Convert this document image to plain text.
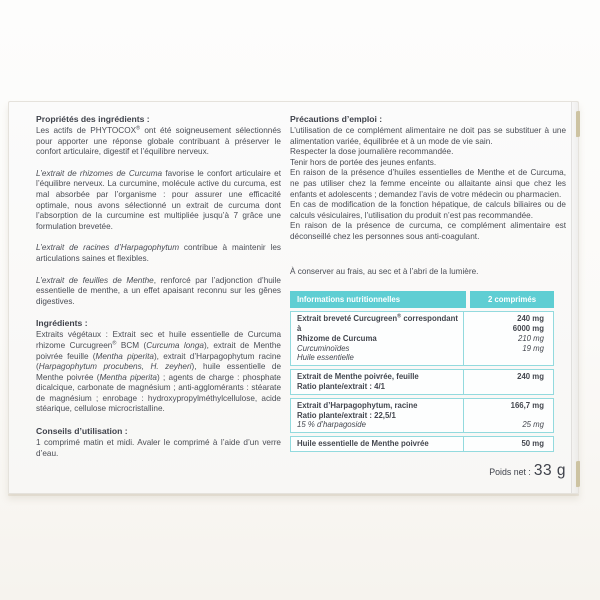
Propriétés des ingrédients :

Les actifs de PHYTOCOX® ont été soigneusement sélectionnés pour apporter une réponse globale contribuant à préserver le confort articulaire, digestif et l’équilibre nerveux.

L’extrait de rhizomes de Curcuma favorise le confort articulaire et l’équilibre nerveux. La curcumine, molécule active du curcuma, est mal absorbée par l’organisme : pour assurer une efficacité optimale, nous avons sélectionné un extrait de curcuma dont l’absorption de la curcumine est multipliée jusqu’à 7 grâce une formulation brevetée.

L’extrait de racines d’Harpagophytum contribue à maintenir les articulations saines et flexibles.

L’extrait de feuilles de Menthe, renforcé par l’adjonction d’huile essentielle de menthe, a un effet apaisant reconnu sur les gênes digestives.

Ingrédients :

Extraits végétaux : Extrait sec et huile essentielle de Curcuma rhizome Curcugreen® BCM (Curcuma longa), extrait de Menthe poivrée feuille (Mentha piperita), extrait d’Harpagophytum racine (Harpagophytum procubens, H. zeyheri), huile essentielle de Menthe poivrée (Mentha piperita) ; agents de charge : phosphate dicalcique, carbonate de magnésium ; anti-agglomérants : stéarate de magnésium ; enrobage : hydroxypropylméthylcellulose, acide stéarique, cellulose microcristalline.

Conseils d’utilisation :

1 comprimé matin et midi. Avaler le comprimé à l’aide d’un verre d’eau.

Précautions d’emploi :

L’utilisation de ce complément alimentaire ne doit pas se substituer à une alimentation variée, équilibrée et à un mode de vie sain.

Respecter la dose journalière recommandée.

Tenir hors de portée des jeunes enfants.

En raison de la présence d’huiles essentielles de Menthe et de Curcuma, ne pas utiliser chez la femme enceinte ou allaitante ainsi que chez les enfants et adolescents ; demandez l’avis de votre médecin ou pharmacien.

En cas de modification de la fonction hépatique, de calculs biliaires ou de calculs vésiculaires, l’utilisation du produit n’est pas recommandée.

En raison de la présence de curcuma, ce complément alimentaire est déconseillé chez les personnes sous anti-coagulant.

À conserver au frais, au sec et à l’abri de la lumière.

Informations nutritionnelles	2 comprimés
Extrait breveté Curcugreen® correspondant à
Rhizome de Curcuma
Curcuminoïdes
Huile essentielle
240 mg
6000 mg
210 mg
19 mg
Extrait de Menthe poivrée, feuille
Ratio plante/extrait : 4/1
240 mg

Extrait d’Harpagophytum, racine
Ratio plante/extrait : 22,5/1
15 % d’harpagoside
166,7 mg

25 mg
Huile essentielle de Menthe poivrée	50 mg
Poids net : 33 g
